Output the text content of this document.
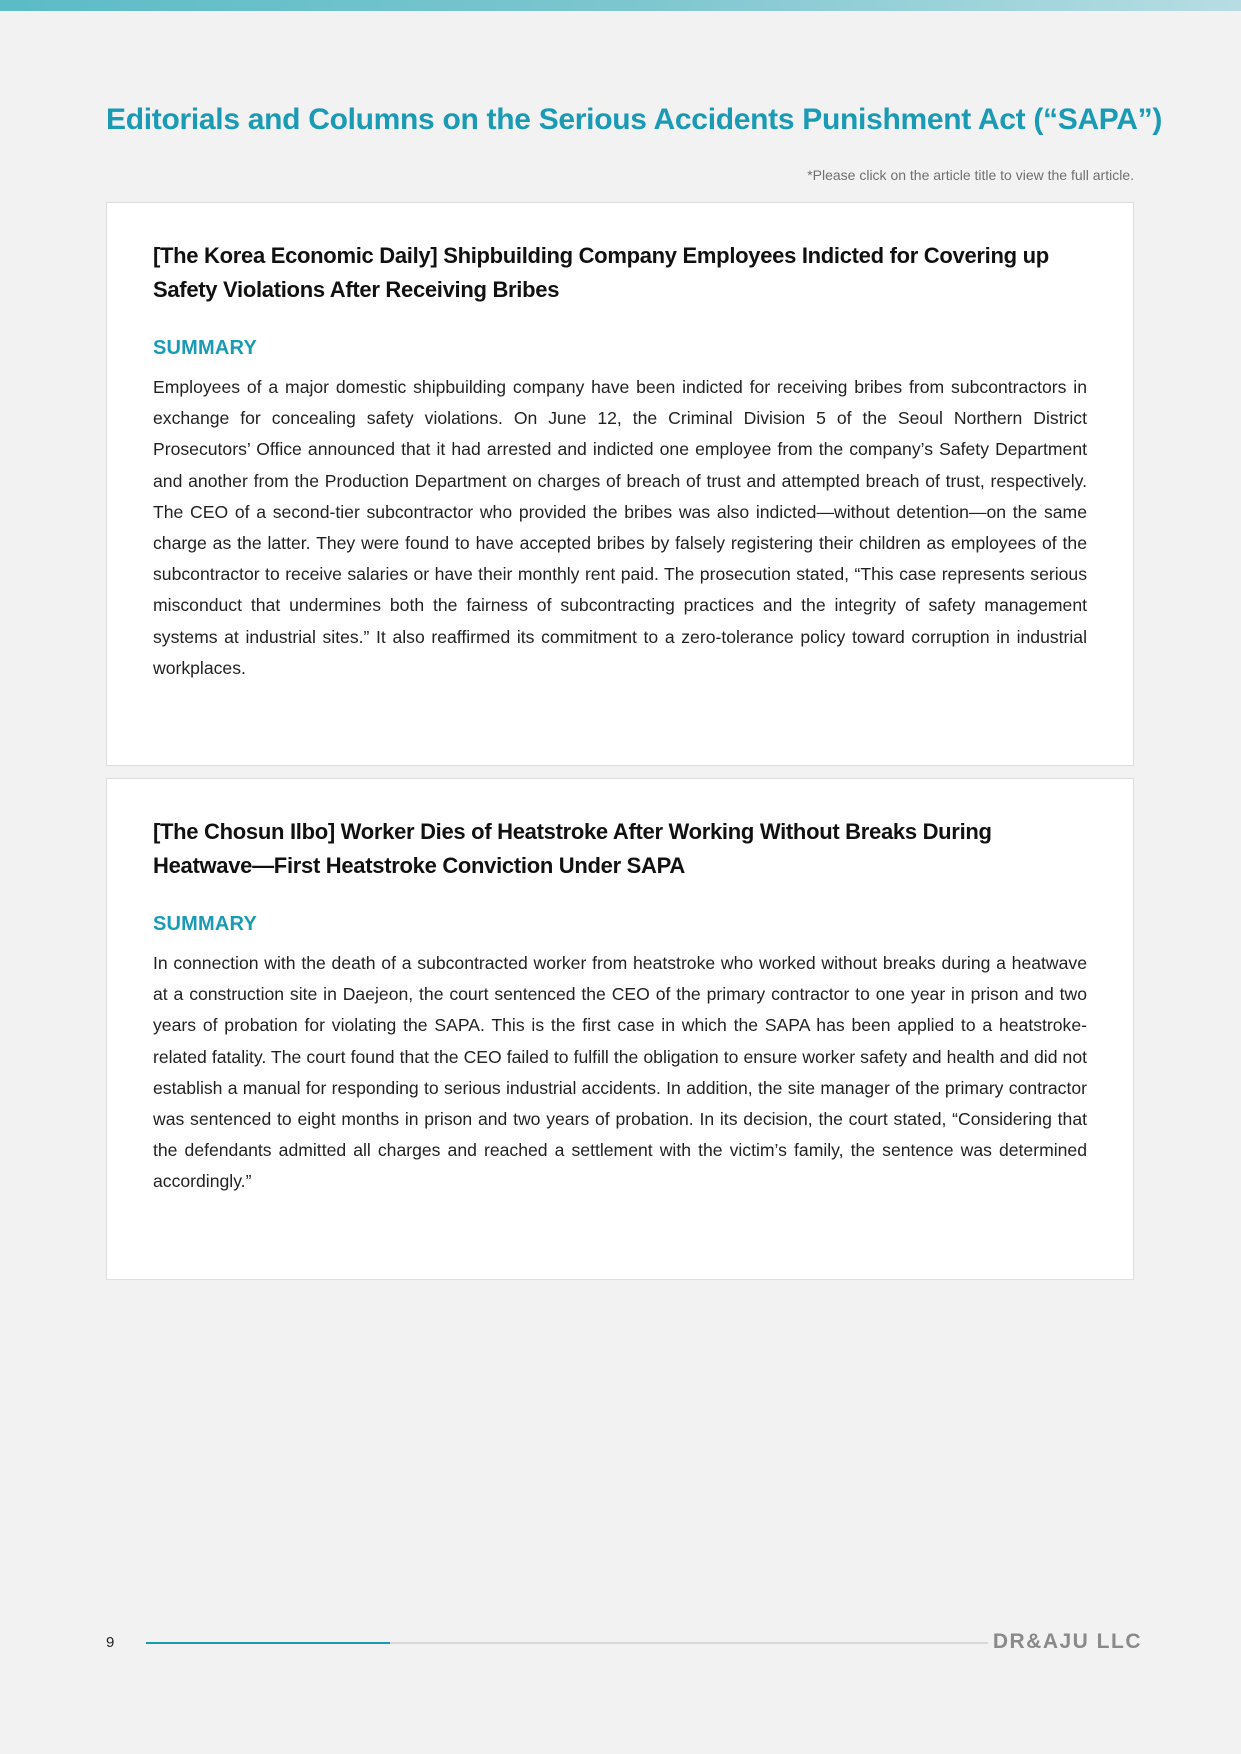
Editorials and Columns on the Serious Accidents Punishment Act (“SAPA”)
*Please click on the article title to view the full article.
[The Korea Economic Daily] Shipbuilding Company Employees Indicted for Covering up Safety Violations After Receiving Bribes
SUMMARY

Employees of a major domestic shipbuilding company have been indicted for receiving bribes from subcontractors in exchange for concealing safety violations. On June 12, the Criminal Division 5 of the Seoul Northern District Prosecutors’ Office announced that it had arrested and indicted one employee from the company’s Safety Department and another from the Production Department on charges of breach of trust and attempted breach of trust, respectively. The CEO of a second-tier subcontractor who provided the bribes was also indicted—without detention—on the same charge as the latter. They were found to have accepted bribes by falsely registering their children as employees of the subcontractor to receive salaries or have their monthly rent paid. The prosecution stated, “This case represents serious misconduct that undermines both the fairness of subcontracting practices and the integrity of safety management systems at industrial sites.” It also reaffirmed its commitment to a zero-tolerance policy toward corruption in industrial workplaces.

[The Chosun Ilbo] Worker Dies of Heatstroke After Working Without Breaks During Heatwave—First Heatstroke Conviction Under SAPA
SUMMARY

In connection with the death of a subcontracted worker from heatstroke who worked without breaks during a heatwave at a construction site in Daejeon, the court sentenced the CEO of the primary contractor to one year in prison and two years of probation for violating the SAPA. This is the first case in which the SAPA has been applied to a heatstroke-related fatality. The court found that the CEO failed to fulfill the obligation to ensure worker safety and health and did not establish a manual for responding to serious industrial accidents. In addition, the site manager of the primary contractor was sentenced to eight months in prison and two years of probation. In its decision, the court stated, “Considering that the defendants admitted all charges and reached a settlement with the victim’s family, the sentence was determined accordingly.”

9	DR&AJU LLC
